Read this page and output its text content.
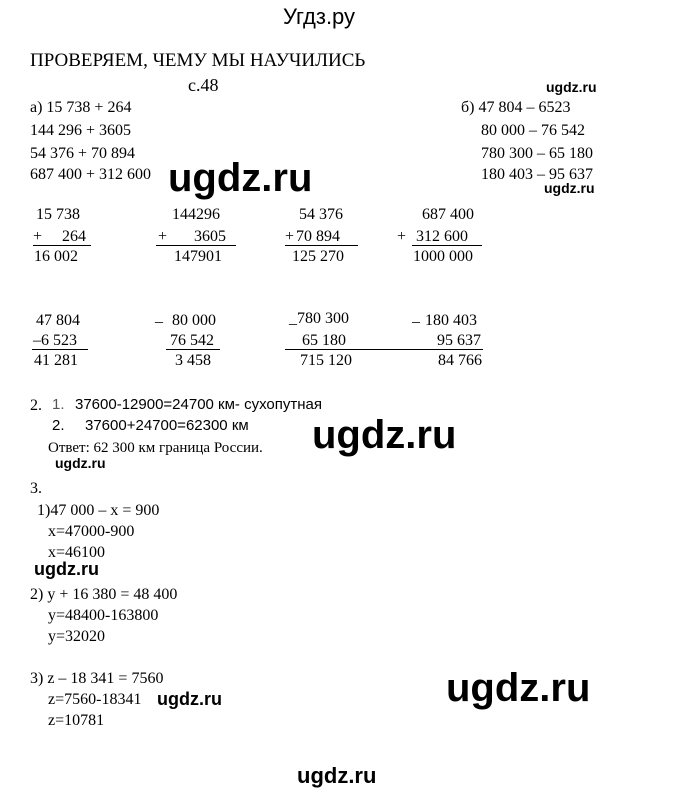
Угдз.ру
ПРОВЕРЯЕМ, ЧЕМУ МЫ НАУЧИЛИСЬ
с.48	ugdz.ru
а) 15 738 + 264
144 296 + 3605
54 376 + 70 894
687 400 + 312 600
б) 47 804 – 6523
80 000 – 76 542
780 300 – 65 180
180 403 – 95 637
ugdz.ru	ugdz.ru
15 738
+ 264
16 002
144296
+ 3605
147901
54 376
+ 70 894
125 270
687 400
+ 312 600
1000 000
47 804
–6 523
41 281
_ 80 000
76 542
3 458
_780 300
65 180
715 120
_ 180 403
95 637
84 766
2. 1. 37600-12900=24700 км- сухопутная
2. 37600+24700=62300 км
Ответ: 62 300 км граница России. ugdz.ru
ugdz.ru
3.
1)47 000 – х = 900
х=47000-900
х=46100
ugdz.ru
2) у + 16 380 = 48 400
у=48400-163800
у=32020
3) z – 18 341 = 7560
z=7560-18341
z=10781
ugdz.ru	ugdz.ru
ugdz.ru
